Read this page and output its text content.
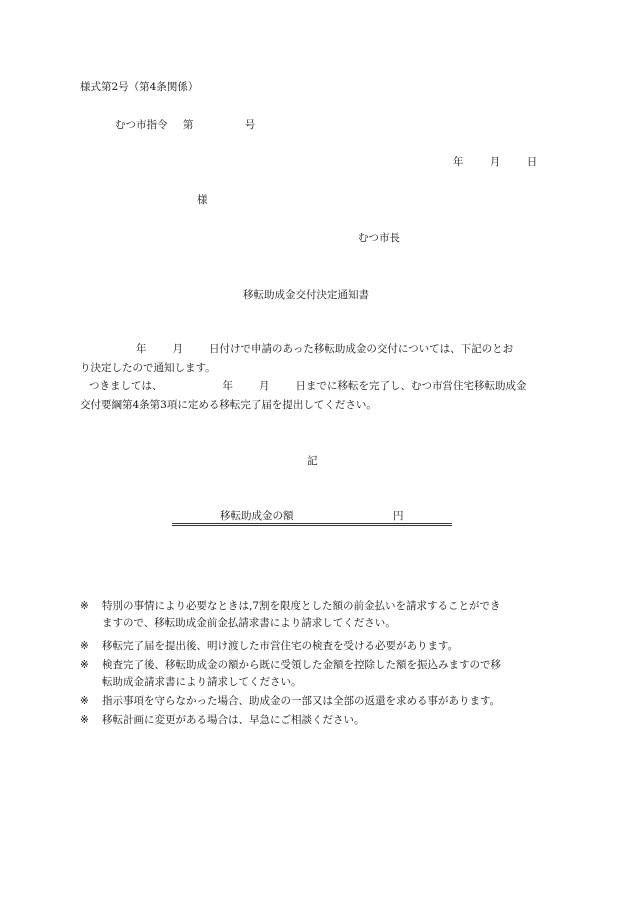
様式第2号（第4条関係）
むつ市指令 第	号
年	月	日
様
むつ市長
移転助成金交付決定通知書

年 月 日付けで申請のあった移転助成金の交付については、下記のとお

り決定したので通知します。

つきましては、	年 月 日までに移転を完了し、むつ市営住宅移転助成金

交付要綱第4条第3項に定める移転完了届を提出してください。

記
移転助成金の額	円
※ 特別の事情により必要なときは,7割を限度とした額の前金払いを請求することができ
ますので、移転助成金前金払請求書により請求してください。
※ 移転完了届を提出後、明け渡した市営住宅の検査を受ける必要があります。
※ 検査完了後、移転助成金の額から既に受領した金額を控除した額を振込みますので移
転助成金請求書により請求してください。
※ 指示事項を守らなかった場合、助成金の一部又は全部の返還を求める事があります。
※ 移転計画に変更がある場合は、早急にご相談ください。
